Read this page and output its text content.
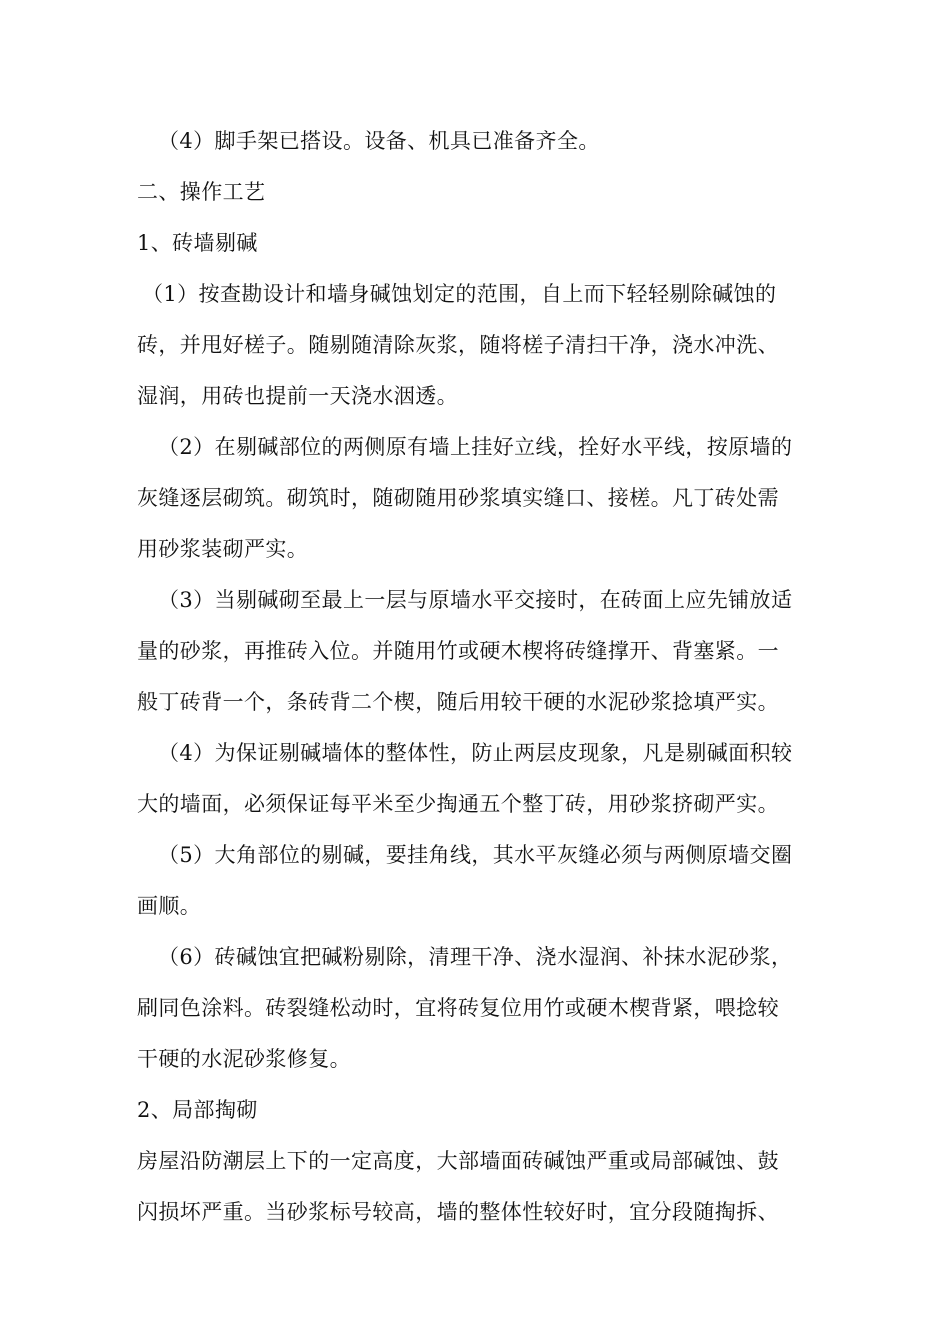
（4）脚手架已搭设。设备、机具已准备齐全。
二、操作工艺
1、砖墙剔碱
（1）按查勘设计和墙身碱蚀划定的范围，自上而下轻轻剔除碱蚀的
砖，并甩好槎子。随剔随清除灰浆，随将槎子清扫干净，浇水冲洗、
湿润，用砖也提前一天浇水洇透。
（2）在剔碱部位的两侧原有墙上挂好立线，拴好水平线，按原墙的
灰缝逐层砌筑。砌筑时，随砌随用砂浆填实缝口、接槎。凡丁砖处需
用砂浆装砌严实。
（3）当剔碱砌至最上一层与原墙水平交接时，在砖面上应先铺放适
量的砂浆，再推砖入位。并随用竹或硬木楔将砖缝撑开、背塞紧。一
般丁砖背一个，条砖背二个楔，随后用较干硬的水泥砂浆捻填严实。
（4）为保证剔碱墙体的整体性，防止两层皮现象，凡是剔碱面积较
大的墙面，必须保证每平米至少掏通五个整丁砖，用砂浆挤砌严实。
（5）大角部位的剔碱，要挂角线，其水平灰缝必须与两侧原墙交圈
画顺。
（6）砖碱蚀宜把碱粉剔除，清理干净、浇水湿润、补抹水泥砂浆，
刷同色涂料。砖裂缝松动时，宜将砖复位用竹或硬木楔背紧，喂捻较
干硬的水泥砂浆修复。
2、局部掏砌
房屋沿防潮层上下的一定高度，大部墙面砖碱蚀严重或局部碱蚀、鼓
闪损坏严重。当砂浆标号较高，墙的整体性较好时，宜分段随掏拆、
